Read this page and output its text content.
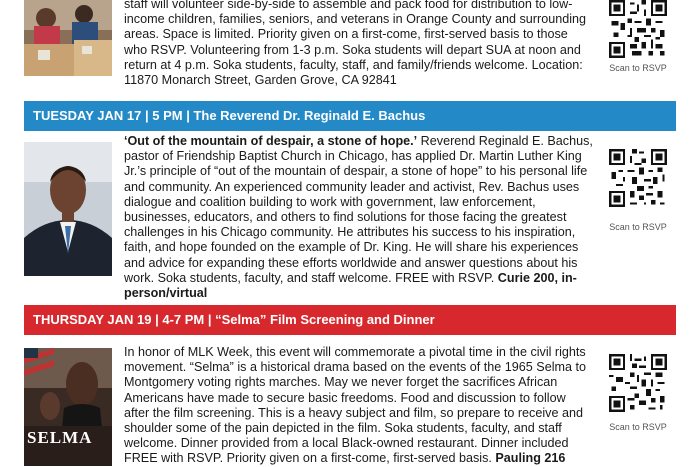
staff will volunteer side-by-side to assemble and pack food for distribution to low-income children, families, seniors, and veterans in Orange County and surrounding areas. Space is limited. Priority given on a first-come, first-served basis to those who RSVP. Volunteering from 1-3 p.m. Soka students will depart SUA at noon and return at 4 p.m. Soka students, faculty, staff, and family/friends welcome. Location: 11870 Monarch Street, Garden Grove, CA 92841

Scan to RSVP
TUESDAY JAN 17 | 5 PM | The Reverend Dr. Reginald E. Bachus

‘Out of the mountain of despair, a stone of hope.’ Reverend Reginald E. Bachus, pastor of Friendship Baptist Church in Chicago, has applied Dr. Martin Luther King Jr.’s principle of “out of the mountain of despair, a stone of hope” to his personal life and community. An experienced community leader and activist, Rev. Bachus uses dialogue and coalition building to work with government, law enforcement, businesses, educators, and others to find solutions for those facing the greatest challenges in his Chicago community. He attributes his success to his inspiration, faith, and hope founded on the example of Dr. King. He will share his experiences and advice for expanding these efforts worldwide and answer questions about his work. Soka students, faculty, and staff welcome. FREE with RSVP. Curie 200, in-person/virtual

Scan to RSVP
THURSDAY JAN 19 | 4-7 PM | “Selma” Film Screening and Dinner
SELMA

In honor of MLK Week, this event will commemorate a pivotal time in the civil rights movement. “Selma” is a historical drama based on the events of the 1965 Selma to Montgomery voting rights marches. May we never forget the sacrifices African Americans have made to secure basic freedoms. Food and discussion to follow after the film screening. This is a heavy subject and film, so prepare to receive and shoulder some of the pain depicted in the film. Soka students, faculty, and staff welcome. Dinner provided from a local Black-owned restaurant. Dinner included FREE with RSVP. Priority given on a first-come, first-served basis. Pauling 216

Scan to RSVP
